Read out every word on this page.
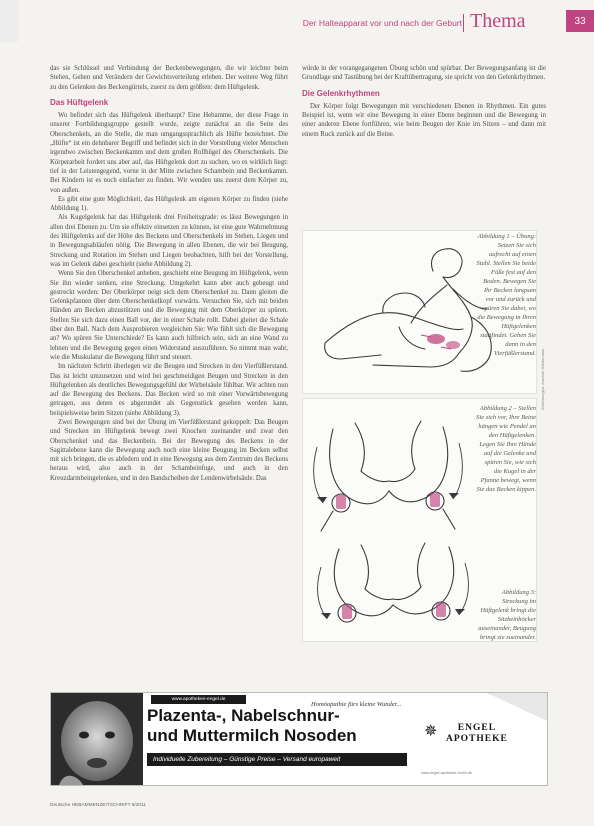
Der Halteapparat vor und nach der Geburt Thema	33

das sie Schlüssel und Verbindung der Beckenbewegungen, die wir leichter beim Stehen, Gehen und Verändern der Gewichtsverteilung erleben. Der weitere Weg führt zu den Gelenken des Beckengürtels, zuerst zu dem größten: dem Hüftgelenk.

Das Hüftgelenk

Wo befindet sich das Hüftgelenk überhaupt? Eine Hebamme, der diese Frage in unserer Fortbildungsgruppe gestellt wurde, zeigte zunächst an die Seite des Oberschenkels, an die Stelle, die man umgangssprachlich als Hüfte bezeichnet. Die „Hüfte“ ist ein dehnbarer Begriff und befindet sich in der Vorstellung vieler Menschen irgendwo zwischen Beckenkamm und dem großen Rollhügel des Oberschenkels. Die Körperarbeit fordert uns aber auf, das Hüftgelenk dort zu suchen, wo es wirklich liegt: tief in der Leistengegend, vorne in der Mitte zwischen Schambein und Beckenkamm. Bei Kindern ist es noch einfacher zu finden. Wir wenden uns zuerst dem Körper zu, von außen.

Es gibt eine gute Möglichkeit, das Hüftgelenk am eigenen Körper zu finden (siehe Abbildung 1).

Als Kugelgelenk hat das Hüftgelenk drei Freiheitsgrade: es lässt Bewegungen in allen drei Ebenen zu. Um sie effektiv einsetzen zu können, ist eine gute Wahrnehmung des Hüftgelenks auf der Höhe des Beckens und Oberschenkels im Stehen, Liegen und in Bewegungsabläufen nötig. Die Bewegung in allen Ebenen, die wir bei Beugung, Streckung und Rotation im Stehen und Liegen beobachten, hilft bei der Vorstellung, was im Gelenk dabei geschieht (siehe Abbildung 2).

Wenn Sie den Oberschenkel anheben, geschieht eine Beugung im Hüftgelenk, wenn Sie ihn wieder senken, eine Streckung. Umgekehrt kann aber auch gebeugt und gestreckt werden: Der Oberkörper neigt sich dem Oberschenkel zu. Dann gleiten die Gelenkpfannen über dem Oberschenkelkopf vorwärts. Versuchen Sie, sich mit beiden Händen am Becken abzustützen und die Bewegung mit dem Oberkörper zu spüren. Stellen Sie sich dazu einen Ball vor, der in einer Schale rollt. Dabei gleitet die Schale über den Ball. Nach dem Ausprobieren vergleichen Sie: Wie fühlt sich die Bewegung an? Wo spüren Sie Unterschiede? Es kann auch hilfreich sein, sich an eine Wand zu lehnen und die Bewegung gegen einen Widerstand auszuführen. So nimmt man wahr, wie die Muskulatur die Bewegung führt und steuert.

Im nächsten Schritt überlegen wir die Beugen und Strecken in den Vierfüßlerstand. Das ist leicht umzusetzen und wird bei geschmeidigen Beugen und Strecken in den Hüftgelenken als deutliches Bewegungsgefühl der Wirbelsäule fühlbar. Wir achten nun auf die Bewegung des Beckens. Das Becken wird so mit einer Vorwärtsbewegung getragen, aus denen es abgerundet als Gegenstück gesehen werden kann, beispielsweise beim Sitzen (siehe Abbildung 3).

Zwei Bewegungen sind bei der Übung im Vierfüßlerstand gekoppelt: Das Beugen und Strecken im Hüftgelenk bewegt zwei Knochen zueinander und zwar den Oberschenkel und das Beckenbein. Bei der Bewegung des Beckens in der Sagittalebene kann die Bewegung auch noch eine kleine Beugung im Becken selbst mit sich bringen, die es abfedern und in eine Bewegung aus dem Zentrum des Beckens heraus wird, also auch in der Schambeinfuge, und auch in den Kreuzdarmbeingelenken, und in den Bandscheiben der Lendenwirbelsäule. Das

würde in der vorangegangenen Übung schön und spürbar. Der Bewegungsanfang ist die Grundlage und Tastübung bei der Kraftübertragung, sie spricht von den Gelenkrhythmen.

Die Gelenkrhythmen

Der Körper folgt Bewegungen mit verschiedenen Ebenen in Rhythmen. Ein gutes Beispiel ist, wenn wir eine Bewegung in einer Ebene beginnen und die Bewegung in einer anderen Ebene fortführen, wie beim Beugen der Knie im Sitzen – und dann mit einem Ruck zurück auf die Beine.

Abbildung 1 – Übung: Setzen Sie sich aufrecht auf einen Stuhl. Stellen Sie beide Füße fest auf den Boden. Bewegen Sie Ihr Becken langsam vor und zurück und spüren Sie dabei, wo die Bewegung in Ihren Hüftgelenken stattfindet. Gehen Sie dann in den Vierfüßlerstand.
Abbildung 2 – Stellen Sie sich vor, Ihre Beine hängen wie Pendel an den Hüftgelenken. Legen Sie Ihre Hände auf die Gelenke und spüren Sie, wie sich die Kugel in der Pfanne bewegt, wenn Sie das Becken kippen.
Abbildung 3: Streckung im Hüftgelenk bringt die Sitzbeinhöcker auseinander, Beugung bringt sie zueinander.
Zeichnungen: Annette Wiedemann
www.apotheken-engel.de
Homöopathie fürs kleine Wunder...
Plazenta-, Nabelschnur-
und Muttermilch Nosoden
Individuelle Zubereitung – Günstige Preise – Versand europaweit
✵	ENGEL
APOTHEKE
www.engel-apotheke-berlin.de
Deutsche HEBAMMENZEITSCHRIFT 8/2011
